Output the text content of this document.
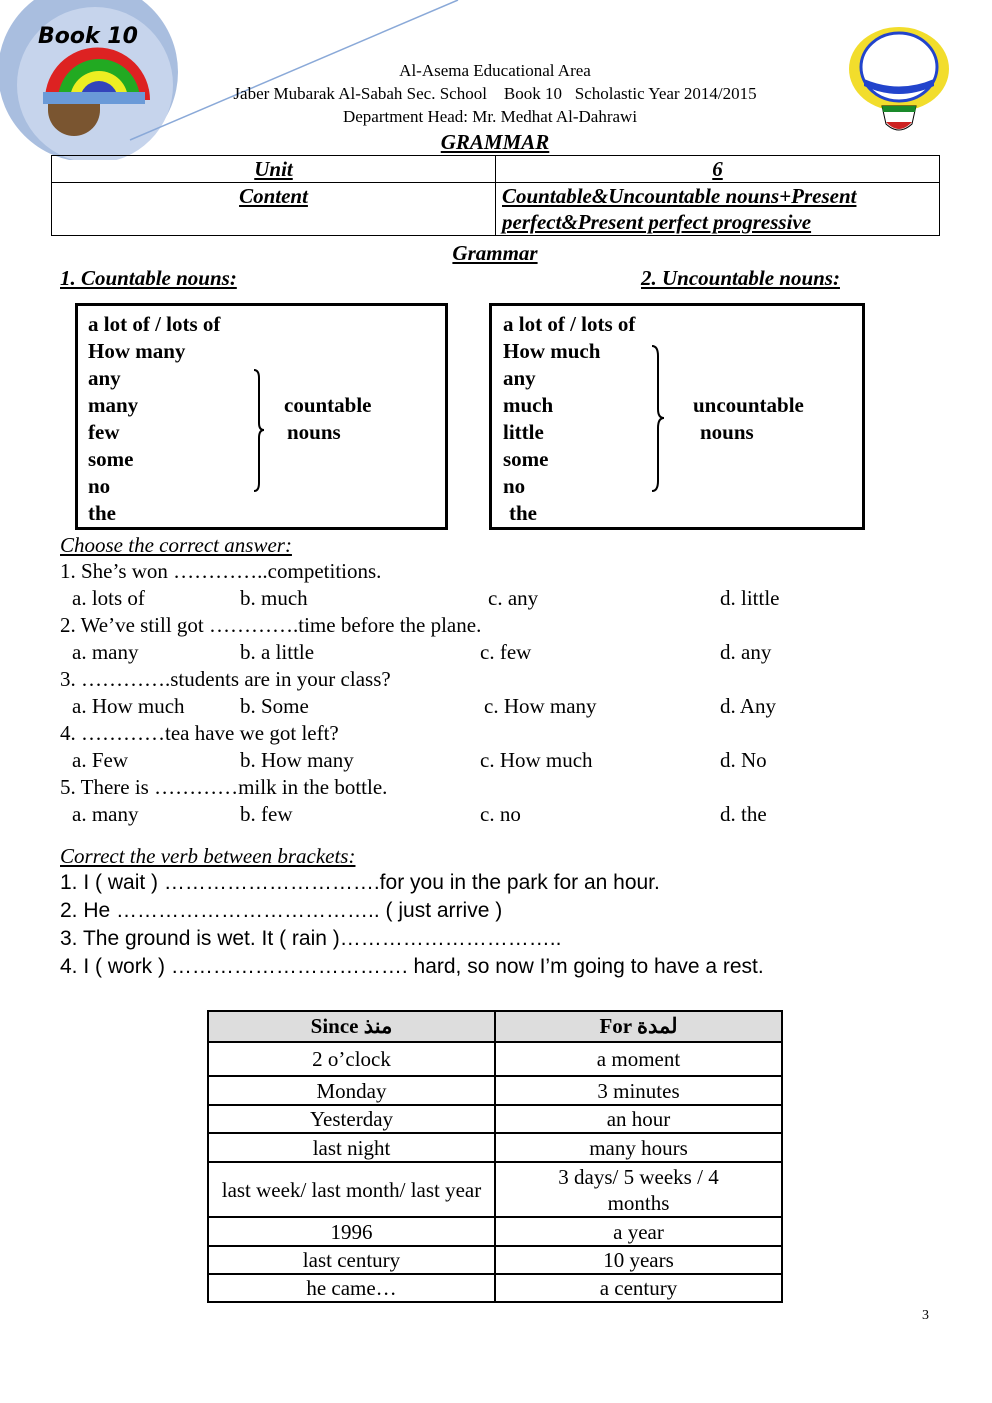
Book 10
Al-Asema Educational Area
Jaber Mubarak Al-Sabah Sec. School    Book 10   Scholastic Year 2014/2015
Department Head: Mr. Medhat Al-Dahrawi
GRAMMAR
Unit	6
Content	Countable&Uncountable nouns+Present perfect&Present perfect progressive
Grammar
1. Countable nouns:	2. Uncountable nouns:
a lot of / lots of
How many
any
many
few
some
no
the
countable
nouns
a lot of / lots of
How much
any
much
little
some
no
the
uncountable
nouns
﻿
Choose the correct answer:
1. She’s won …………..competitions.
a. lots of	b. much	c. any	d. little
2. We’ve still got ………….time before the plane.
a. many	b. a little	c. few	d. any
3. ………….students are in your class?
a. How much	b. Some	c. How many	d. Any
4. …………tea have we got left?
a. Few	b. How many	c. How much	d. No
5. There is …………milk in the bottle.
a. many	b. few	c. no	d. the
Correct the verb between brackets:
1. I ( wait ) ………………………….for you in the park for an hour.
2. He ……………………………….. ( just arrive )
3. The ground is wet. It ( rain )…………………………..
4. I ( work ) ……………………………. hard, so now I’m going to have a rest.
Since منذ	For لمدة
2 o’clock	a moment
Monday	3 minutes
Yesterday	an hour
last night	many hours
last week/ last month/ last year	3 days/ 5 weeks / 4 months
1996	a year
last century	10 years
he came…	a century
3
